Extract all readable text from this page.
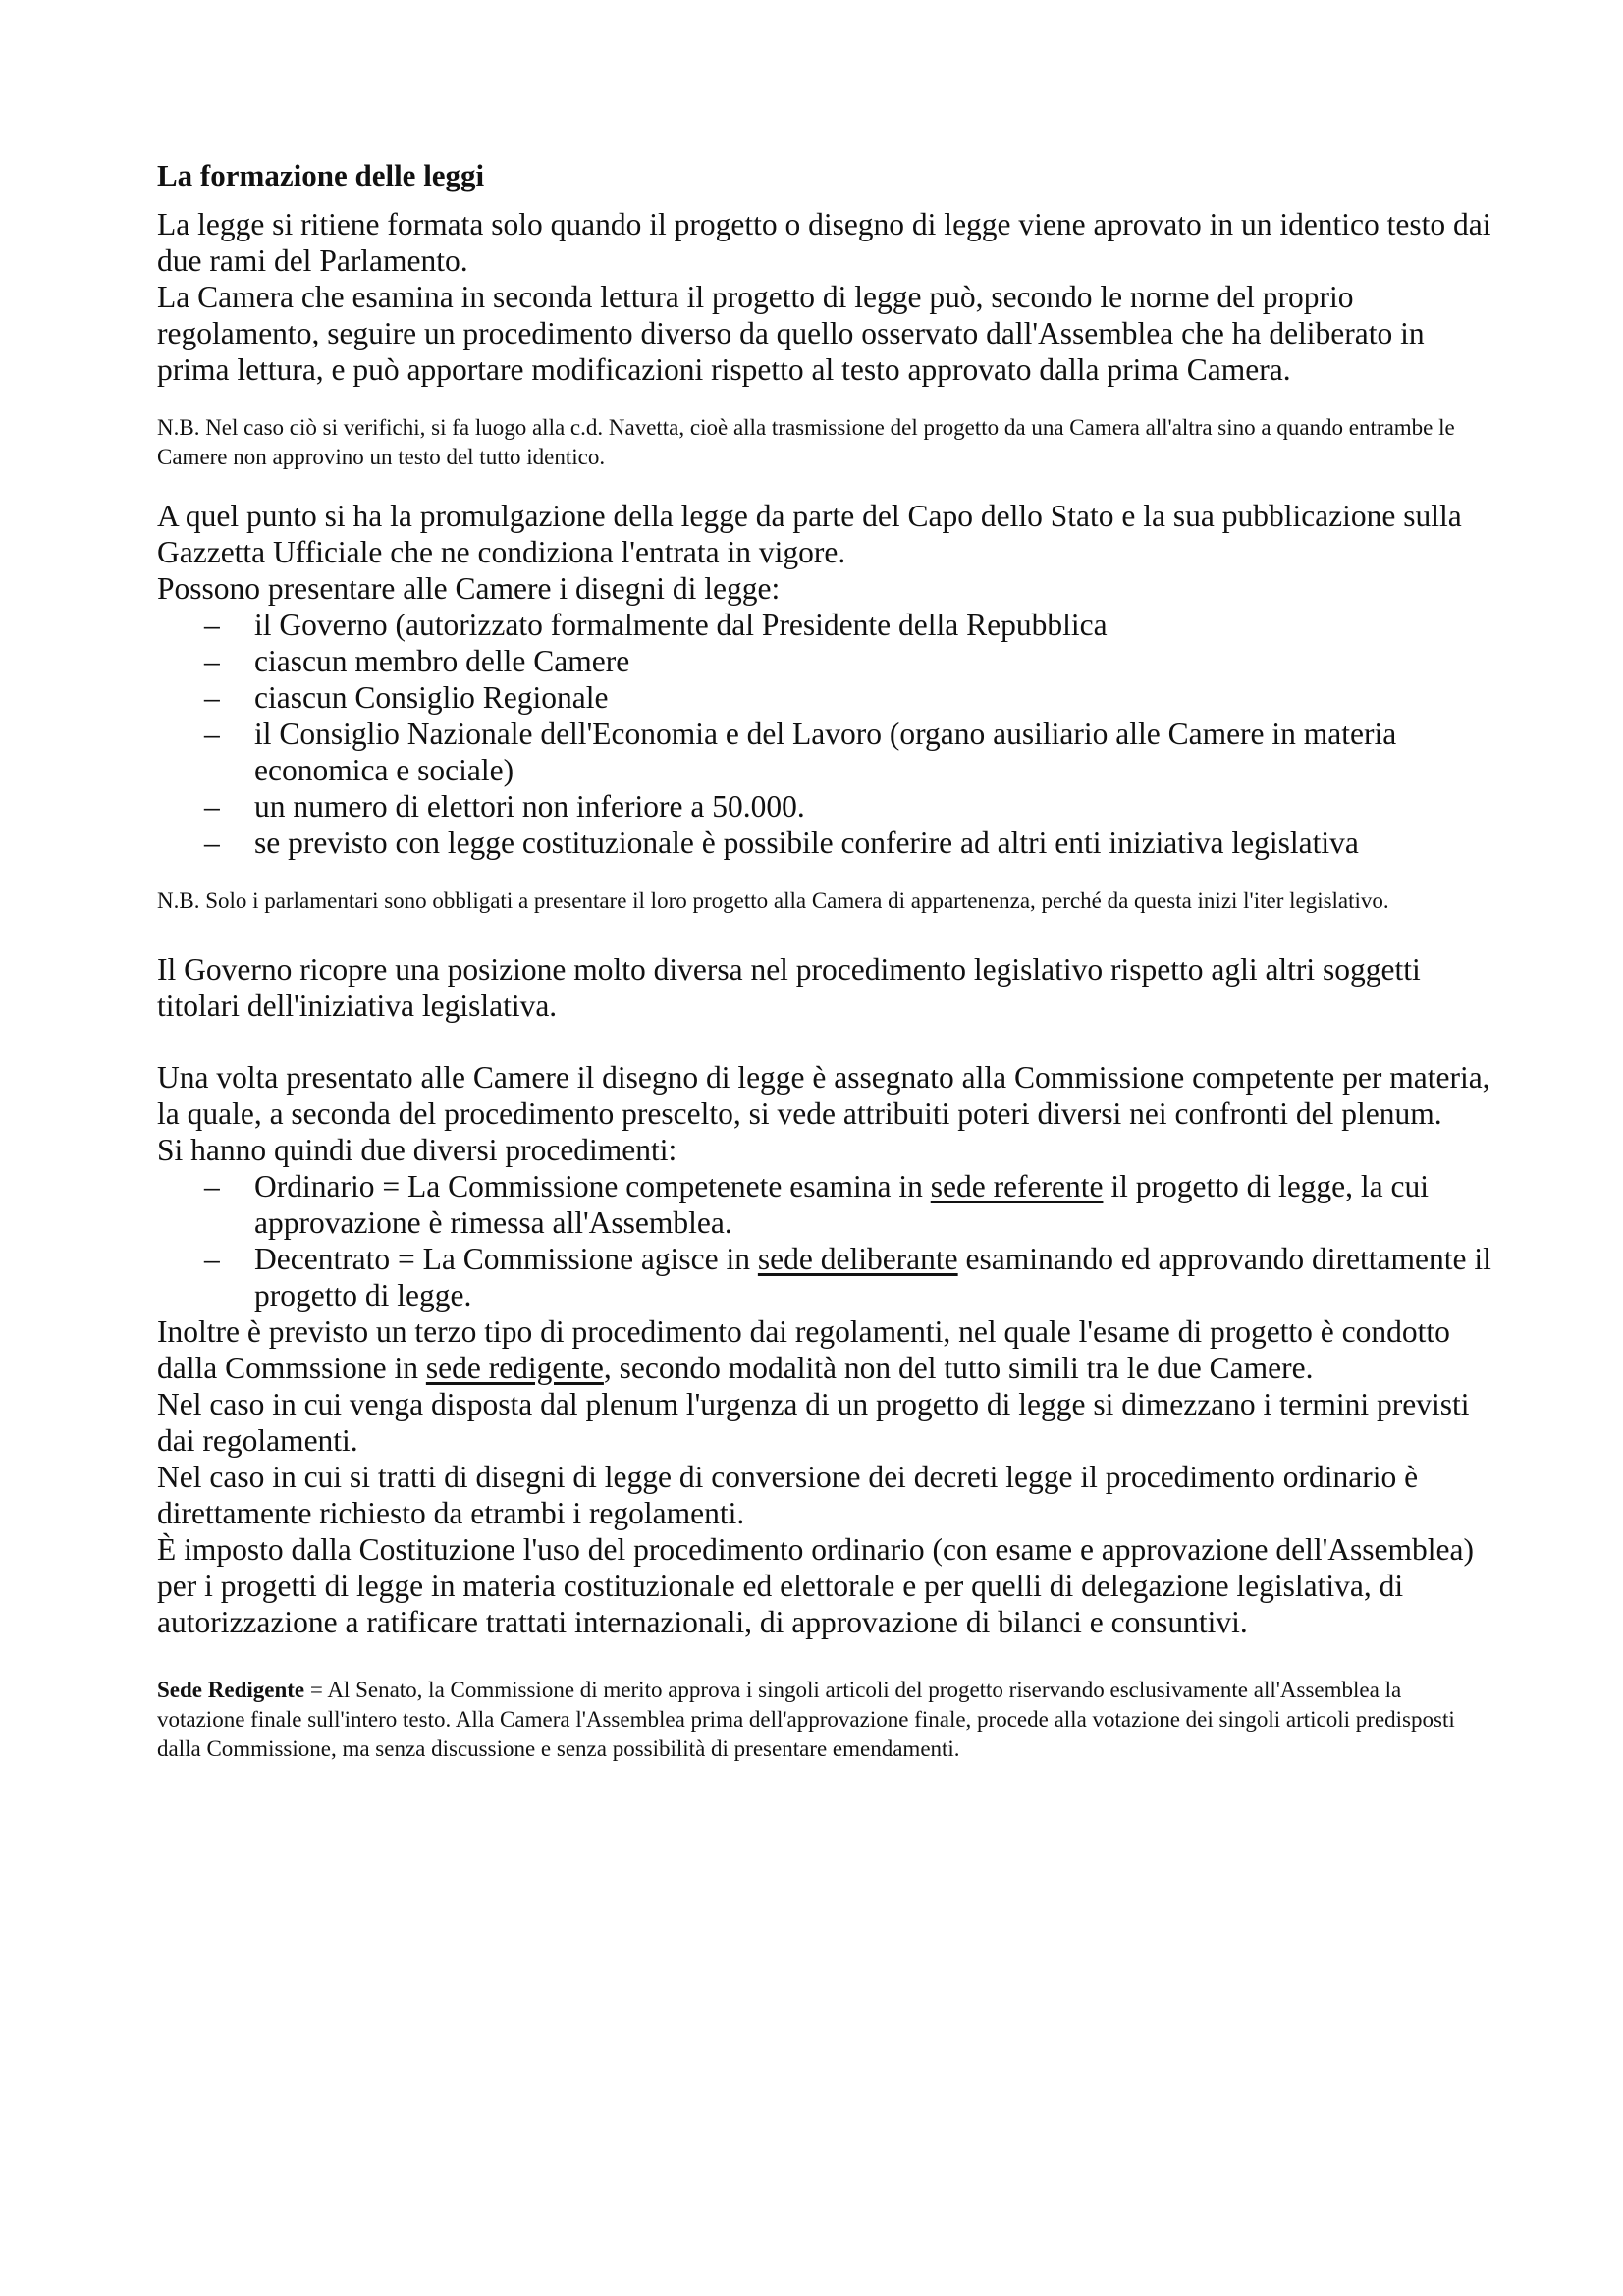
La formazione delle leggi

La legge si ritiene formata solo quando il progetto o disegno di legge viene aprovato in un identico testo dai due rami del Parlamento.

La Camera che esamina in seconda lettura il progetto di legge può, secondo le norme del proprio regolamento, seguire un procedimento diverso da quello osservato dall'Assemblea che ha deliberato in prima lettura, e può apportare modificazioni rispetto al testo approvato dalla prima Camera.

N.B. Nel caso ciò si verifichi, si fa luogo alla c.d. Navetta, cioè alla trasmissione del progetto da una Camera all'altra sino a quando entrambe le Camere non approvino un testo del tutto identico.

A quel punto si ha la promulgazione della legge da parte del Capo dello Stato e la sua pubblicazione sulla Gazzetta Ufficiale che ne condiziona l'entrata in vigore.

Possono presentare alle Camere i disegni di legge:

– il Governo (autorizzato formalmente dal Presidente della Repubblica
– ciascun membro delle Camere
– ciascun Consiglio Regionale
– il Consiglio Nazionale dell'Economia e del Lavoro (organo ausiliario alle Camere in materia economica e sociale)
– un numero di elettori non inferiore a 50.000.
– se previsto con legge costituzionale è possibile conferire ad altri enti iniziativa legislativa

N.B. Solo i parlamentari sono obbligati a presentare il loro progetto alla Camera di appartenenza, perché da questa inizi l'iter legislativo.

Il Governo ricopre una posizione molto diversa nel procedimento legislativo rispetto agli altri soggetti titolari dell'iniziativa legislativa.

Una volta presentato alle Camere il disegno di legge è assegnato alla Commissione competente per materia, la quale, a seconda del procedimento prescelto, si vede attribuiti poteri diversi nei confronti del plenum.

Si hanno quindi due diversi procedimenti:

– Ordinario = La Commissione competenete esamina in sede referente il progetto di legge, la cui approvazione è rimessa all'Assemblea.
– Decentrato = La Commissione agisce in sede deliberante esaminando ed approvando direttamente il progetto di legge.

Inoltre è previsto un terzo tipo di procedimento dai regolamenti, nel quale l'esame di progetto è condotto dalla Commssione in sede redigente, secondo modalità non del tutto simili tra le due Camere.

Nel caso in cui venga disposta dal plenum l'urgenza di un progetto di legge si dimezzano i termini previsti dai regolamenti.

Nel caso in cui si tratti di disegni di legge di conversione dei decreti legge il procedimento ordinario è direttamente richiesto da etrambi i regolamenti.

È imposto dalla Costituzione l'uso del procedimento ordinario (con esame e approvazione dell'Assemblea) per i progetti di legge in materia costituzionale ed elettorale e per quelli di delegazione legislativa, di autorizzazione a ratificare trattati internazionali, di approvazione di bilanci e consuntivi.

Sede Redigente = Al Senato, la Commissione di merito approva i singoli articoli del progetto riservando esclusivamente all'Assemblea la votazione finale sull'intero testo. Alla Camera l'Assemblea prima dell'approvazione finale, procede alla votazione dei singoli articoli predisposti dalla Commissione, ma senza discussione e senza possibilità di presentare emendamenti.
